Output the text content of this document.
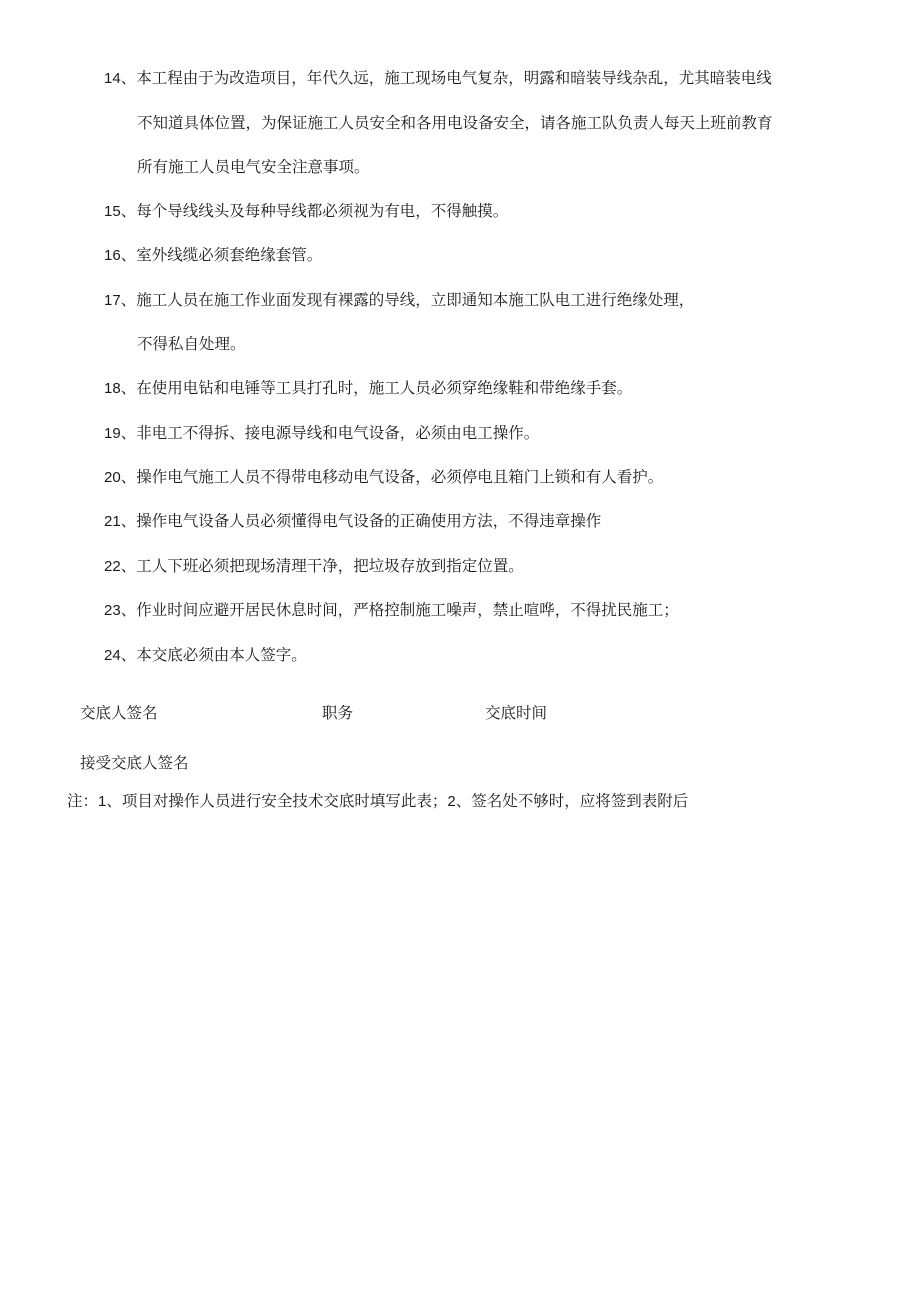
14、本工程由于为改造项目，年代久远，施工现场电气复杂，明露和暗装导线杂乱，尤其暗装电线
不知道具体位置，为保证施工人员安全和各用电设备安全，请各施工队负责人每天上班前教育
所有施工人员电气安全注意事项。
15、每个导线线头及每种导线都必须视为有电，不得触摸。
16、室外线缆必须套绝缘套管。
17、施工人员在施工作业面发现有裸露的导线，立即通知本施工队电工进行绝缘处理，
不得私自处理。
18、在使用电钻和电锤等工具打孔时，施工人员必须穿绝缘鞋和带绝缘手套。
19、非电工不得拆、接电源导线和电气设备，必须由电工操作。
20、操作电气施工人员不得带电移动电气设备，必须停电且箱门上锁和有人看护。
21、操作电气设备人员必须懂得电气设备的正确使用方法，不得违章操作
22、工人下班必须把现场清理干净，把垃圾存放到指定位置。
23、作业时间应避开居民休息时间，严格控制施工噪声，禁止喧哗，不得扰民施工；
24、本交底必须由本人签字。
交底人签名	职务	交底时间
接受交底人签名
注：1、项目对操作人员进行安全技术交底时填写此表；2、签名处不够时，应将签到表附后
